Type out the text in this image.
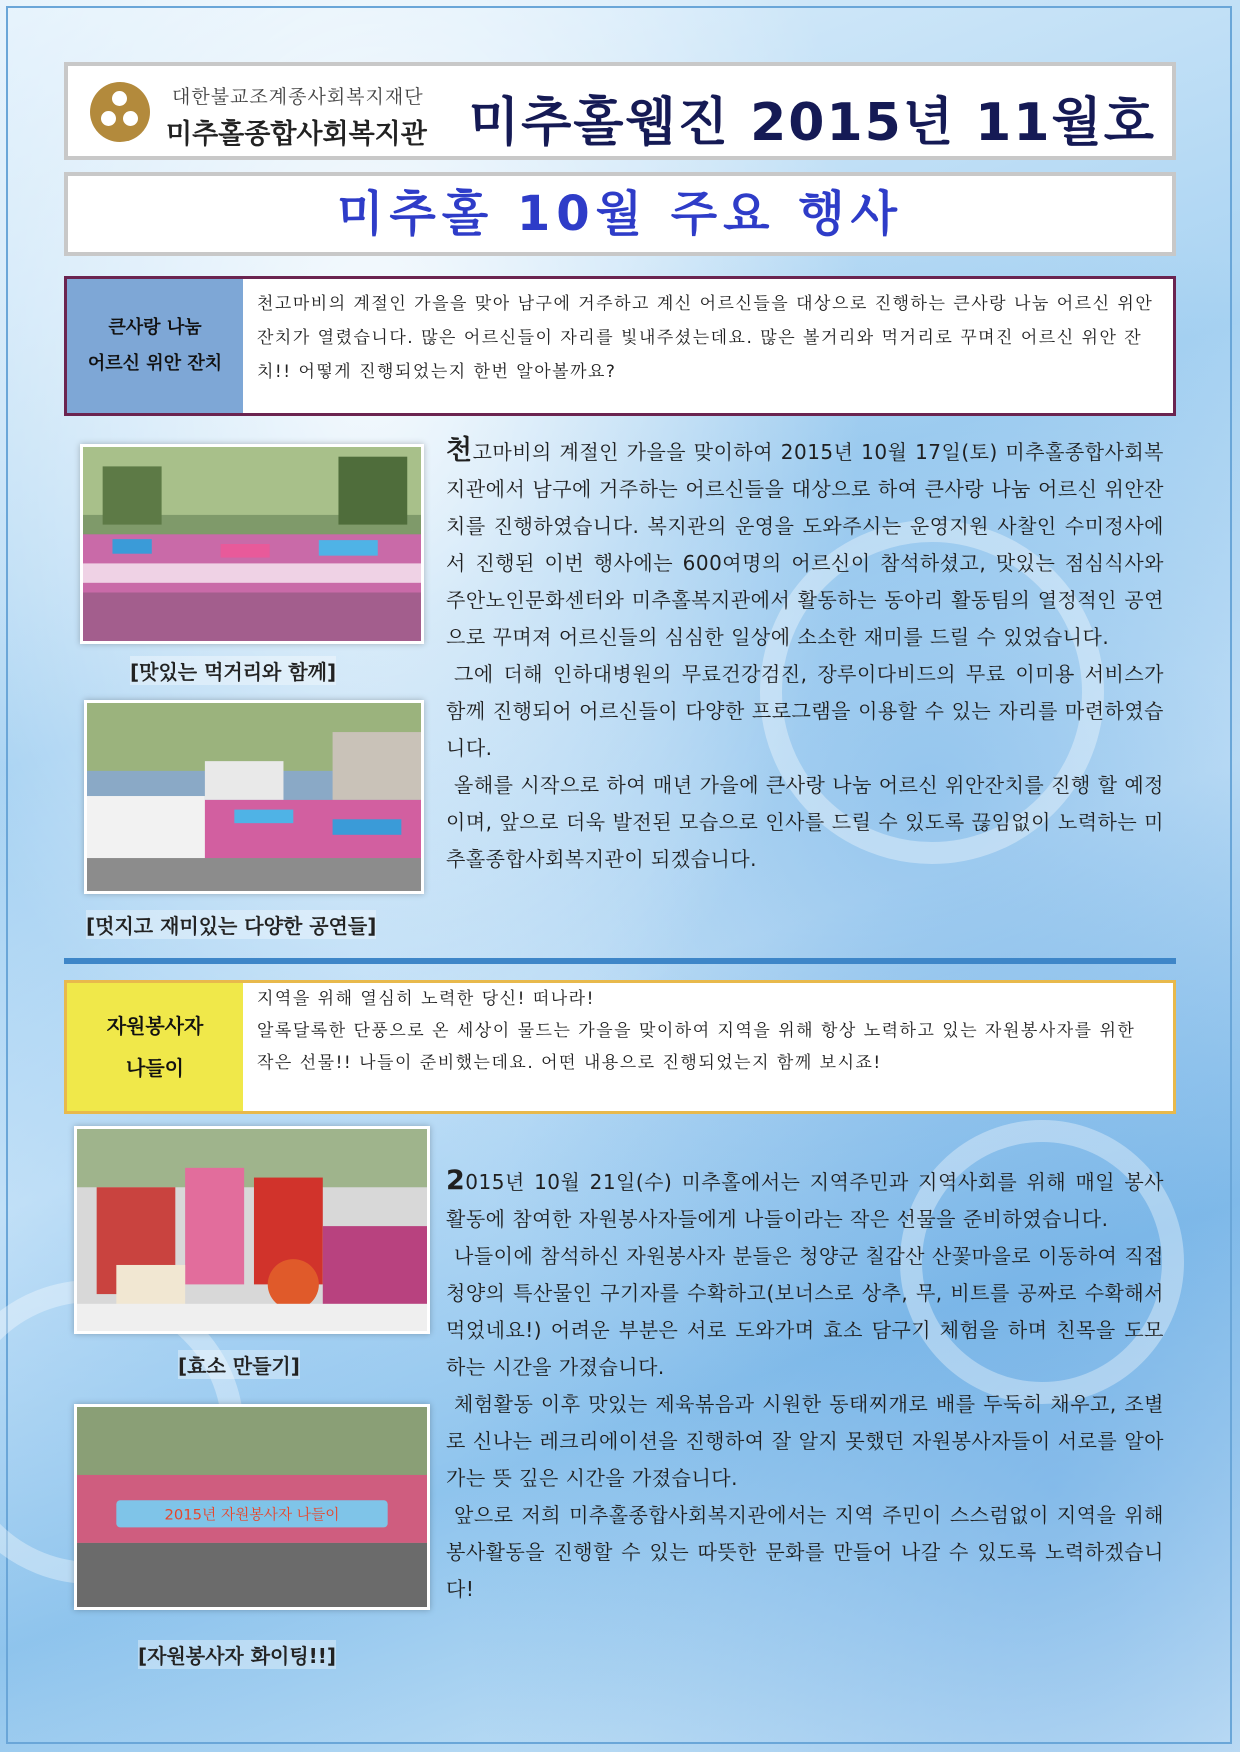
대한불교조계종사회복지재단
미추홀종합사회복지관 미추홀웹진 2015년 11월호
미추홀 10월 주요 행사
큰사랑 나눔
어르신 위안 잔치
천고마비의 계절인 가을을 맞아 남구에 거주하고 계신 어르신들을 대상으로 진행하는 큰사랑 나눔 어르신 위안잔치가 열렸습니다. 많은 어르신들이 자리를 빛내주셨는데요. 많은 볼거리와 먹거리로 꾸며진 어르신 위안 잔치!! 어떻게 진행되었는지 한번 알아볼까요?
[맛있는 먹거리와 함께]
[멋지고 재미있는 다양한 공연들]

천고마비의 계절인 가을을 맞이하여 2015년 10월 17일(토) 미추홀종합사회복지관에서 남구에 거주하는 어르신들을 대상으로 하여 큰사랑 나눔 어르신 위안잔치를 진행하였습니다. 복지관의 운영을 도와주시는 운영지원 사찰인 수미정사에서 진행된 이번 행사에는 600여명의 어르신이 참석하셨고, 맛있는 점심식사와 주안노인문화센터와 미추홀복지관에서 활동하는 동아리 활동팀의 열정적인 공연으로 꾸며져 어르신들의 심심한 일상에 소소한 재미를 드릴 수 있었습니다.

그에 더해 인하대병원의 무료건강검진, 장루이다비드의 무료 이미용 서비스가 함께 진행되어 어르신들이 다양한 프로그램을 이용할 수 있는 자리를 마련하였습니다.

올해를 시작으로 하여 매년 가을에 큰사랑 나눔 어르신 위안잔치를 진행 할 예정이며, 앞으로 더욱 발전된 모습으로 인사를 드릴 수 있도록 끊임없이 노력하는 미추홀종합사회복지관이 되겠습니다.

자원봉사자
나들이
지역을 위해 열심히 노력한 당신! 떠나라!
알록달록한 단풍으로 온 세상이 물드는 가을을 맞이하여 지역을 위해 항상 노력하고 있는 자원봉사자를 위한 작은 선물!! 나들이 준비했는데요. 어떤 내용으로 진행되었는지 함께 보시죠!
[효소 만들기]
2015년 자원봉사자 나들이
[자원봉사자 화이팅!!]

2015년 10월 21일(수) 미추홀에서는 지역주민과 지역사회를 위해 매일 봉사활동에 참여한 자원봉사자들에게 나들이라는 작은 선물을 준비하였습니다.

나들이에 참석하신 자원봉사자 분들은 청양군 칠갑산 산꽃마을로 이동하여 직접 청양의 특산물인 구기자를 수확하고(보너스로 상추, 무, 비트를 공짜로 수확해서 먹었네요!) 어려운 부분은 서로 도와가며 효소 담구기 체험을 하며 친목을 도모하는 시간을 가졌습니다.

체험활동 이후 맛있는 제육볶음과 시원한 동태찌개로 배를 두둑히 채우고, 조별로 신나는 레크리에이션을 진행하여 잘 알지 못했던 자원봉사자들이 서로를 알아가는 뜻 깊은 시간을 가졌습니다.

앞으로 저희 미추홀종합사회복지관에서는 지역 주민이 스스럼없이 지역을 위해 봉사활동을 진행할 수 있는 따뜻한 문화를 만들어 나갈 수 있도록 노력하겠습니다!
